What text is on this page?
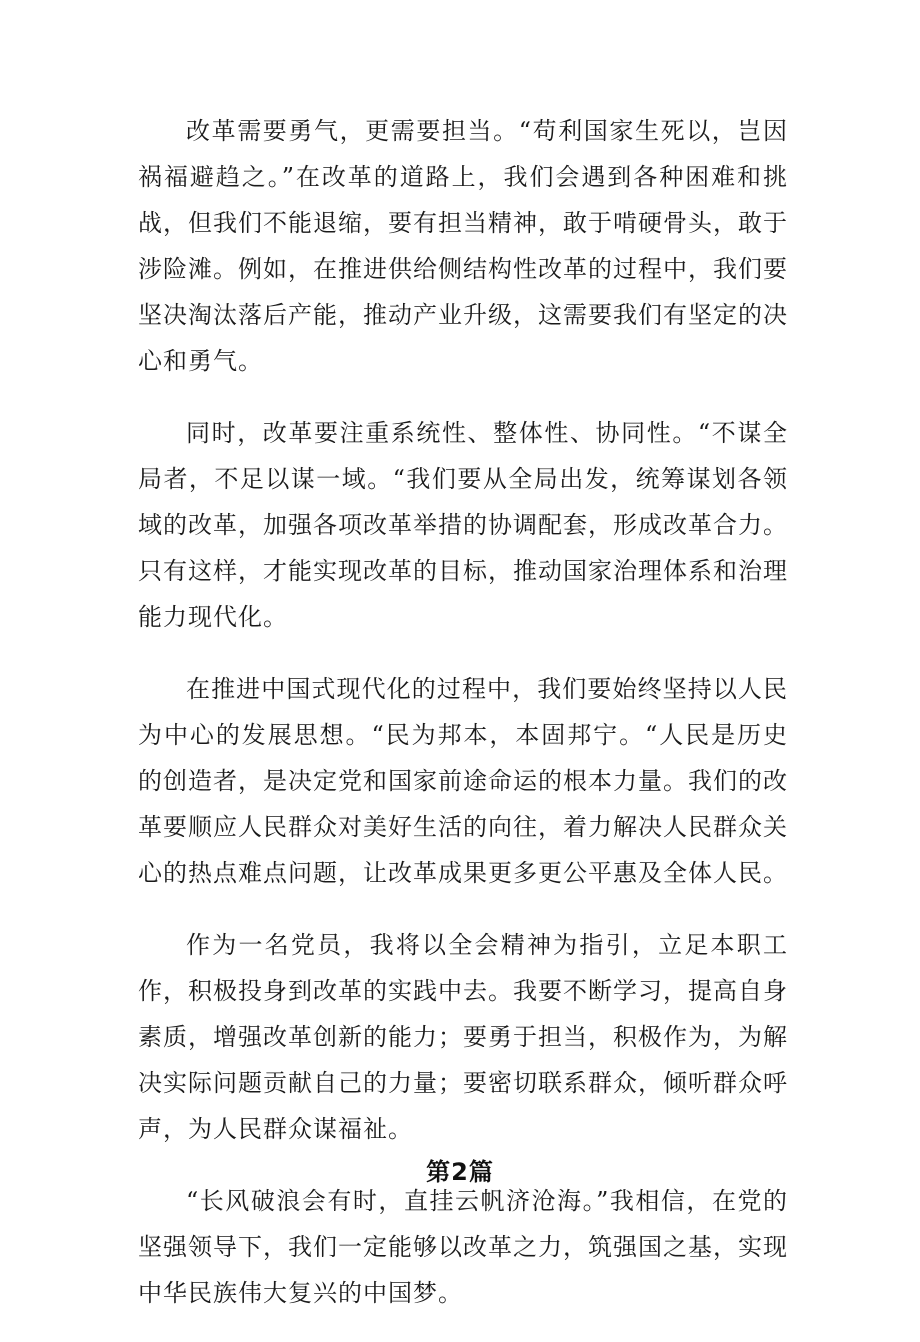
改革需要勇气，更需要担当。“苟利国家生死以，岂因祸福避趋之。”在改革的道路上，我们会遇到各种困难和挑战，但我们不能退缩，要有担当精神，敢于啃硬骨头，敢于涉险滩。例如，在推进供给侧结构性改革的过程中，我们要坚决淘汰落后产能，推动产业升级，这需要我们有坚定的决心和勇气。

同时，改革要注重系统性、整体性、协同性。“不谋全局者，不足以谋一域。“我们要从全局出发，统筹谋划各领域的改革，加强各项改革举措的协调配套，形成改革合力。只有这样，才能实现改革的目标，推动国家治理体系和治理能力现代化。

在推进中国式现代化的过程中，我们要始终坚持以人民为中心的发展思想。“民为邦本，本固邦宁。“人民是历史的创造者，是决定党和国家前途命运的根本力量。我们的改革要顺应人民群众对美好生活的向往，着力解决人民群众关心的热点难点问题，让改革成果更多更公平惠及全体人民。

作为一名党员，我将以全会精神为指引，立足本职工作，积极投身到改革的实践中去。我要不断学习，提高自身素质，增强改革创新的能力；要勇于担当，积极作为，为解决实际问题贡献自己的力量；要密切联系群众，倾听群众呼声，为人民群众谋福祉。

“长风破浪会有时，直挂云帆济沧海。”我相信，在党的坚强领导下，我们一定能够以改革之力，筑强国之基，实现中华民族伟大复兴的中国梦。

第2篇
